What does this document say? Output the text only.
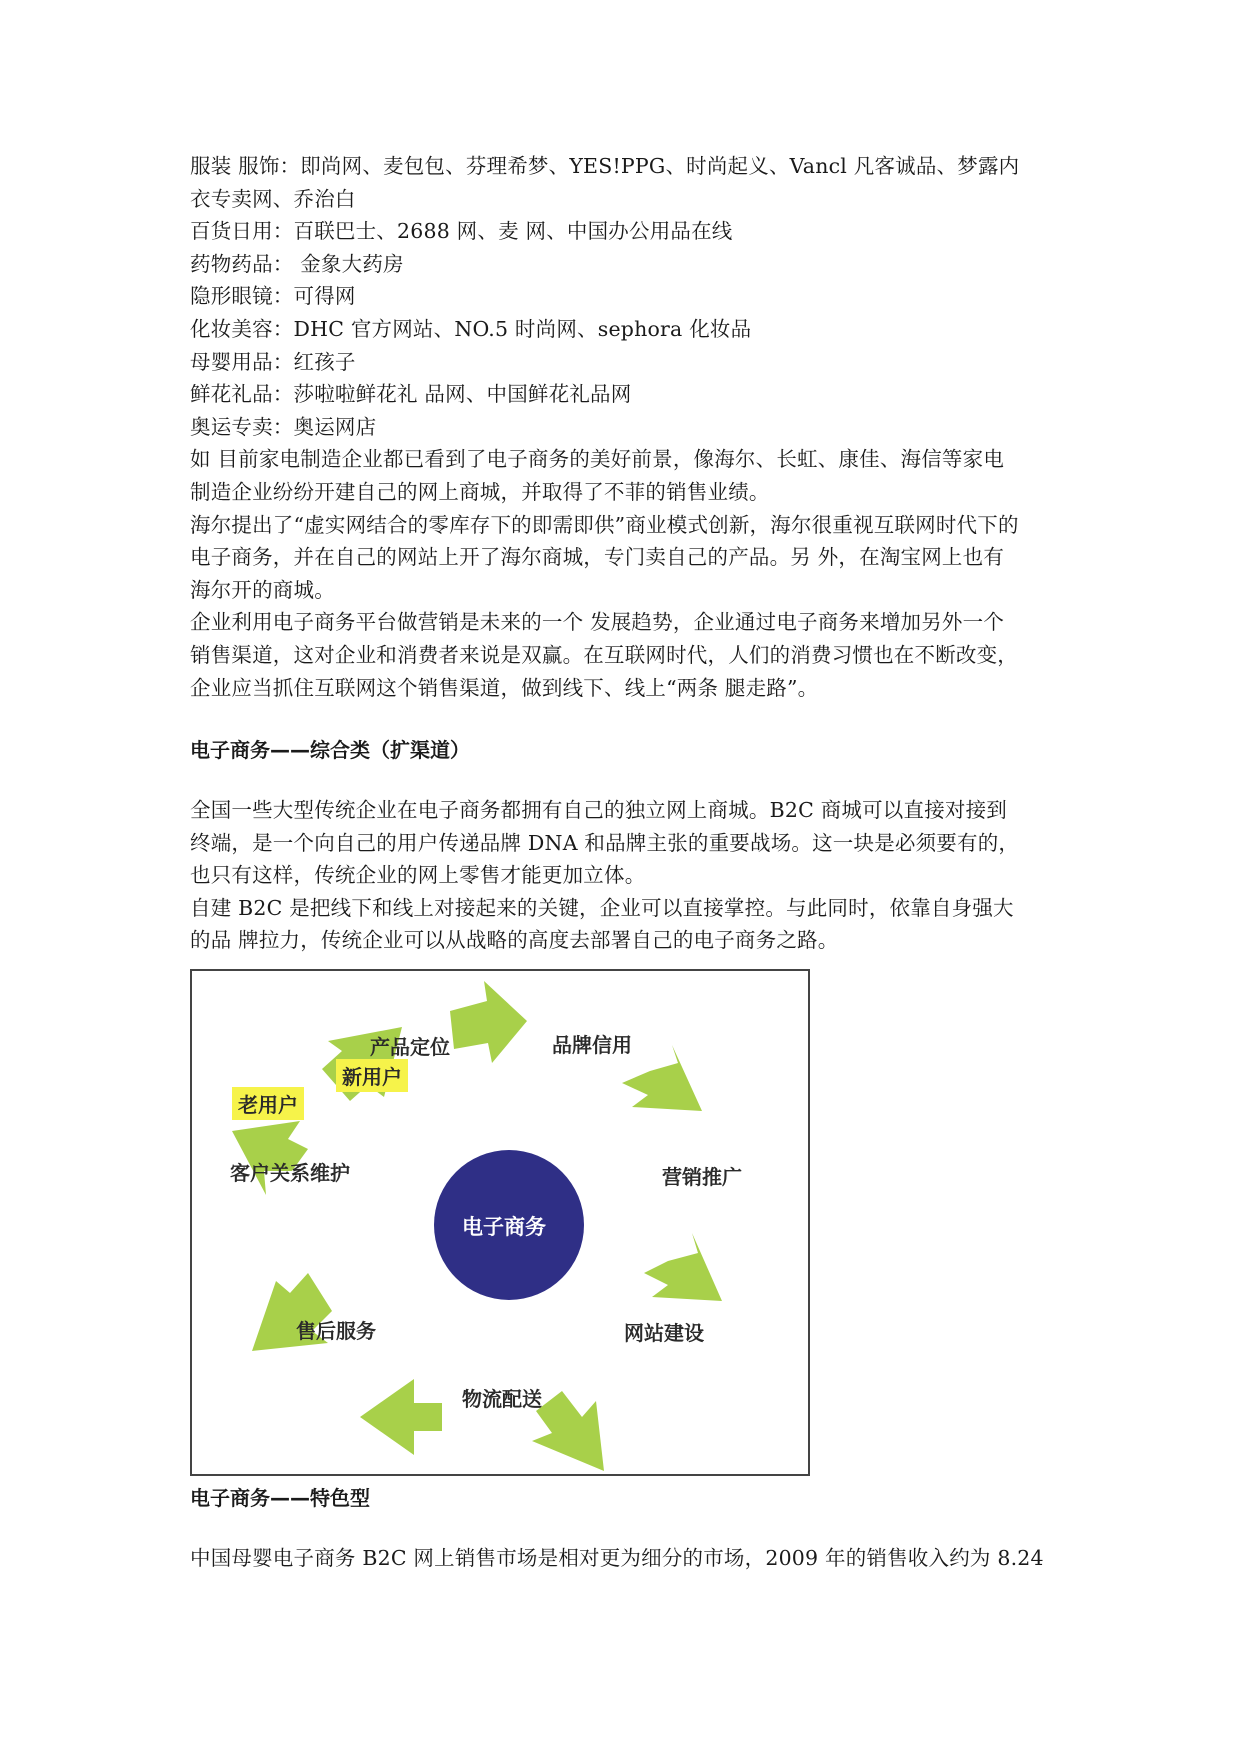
服装 服饰：即尚网、麦包包、芬理希梦、YES!PPG、时尚起义、Vancl 凡客诚品、梦露内
衣专卖网、乔治白
百货日用：百联巴士、2688 网、麦 网、中国办公用品在线
药物药品： 金象大药房
隐形眼镜：可得网
化妆美容：DHC 官方网站、NO.5 时尚网、sephora 化妆品
母婴用品：红孩子
鲜花礼品：莎啦啦鲜花礼 品网、中国鲜花礼品网
奥运专卖：奥运网店
如 目前家电制造企业都已看到了电子商务的美好前景，像海尔、长虹、康佳、海信等家电
制造企业纷纷开建自己的网上商城，并取得了不菲的销售业绩。
海尔提出了“虚实网结合的零库存下的即需即供”商业模式创新，海尔很重视互联网时代下的
电子商务，并在自己的网站上开了海尔商城，专门卖自己的产品。另 外，在淘宝网上也有
海尔开的商城。
企业利用电子商务平台做营销是未来的一个 发展趋势，企业通过电子商务来增加另外一个
销售渠道，这对企业和消费者来说是双赢。在互联网时代，人们的消费习惯也在不断改变，
企业应当抓住互联网这个销售渠道，做到线下、线上“两条 腿走路”。
电子商务——综合类（扩渠道）
全国一些大型传统企业在电子商务都拥有自己的独立网上商城。B2C 商城可以直接对接到
终端，是一个向自己的用户传递品牌 DNA 和品牌主张的重要战场。这一块是必须要有的，
也只有这样，传统企业的网上零售才能更加立体。
自建 B2C 是把线下和线上对接起来的关键，企业可以直接掌控。与此同时，依靠自身强大
的品 牌拉力，传统企业可以从战略的高度去部署自己的电子商务之路。
电子商务
产品定位	品牌信用
营销推广
网站建设
物流配送
售后服务
客户关系维护
老用户
新用户
电子商务——特色型
中国母婴电子商务 B2C 网上销售市场是相对更为细分的市场，2009 年的销售收入约为 8.24
